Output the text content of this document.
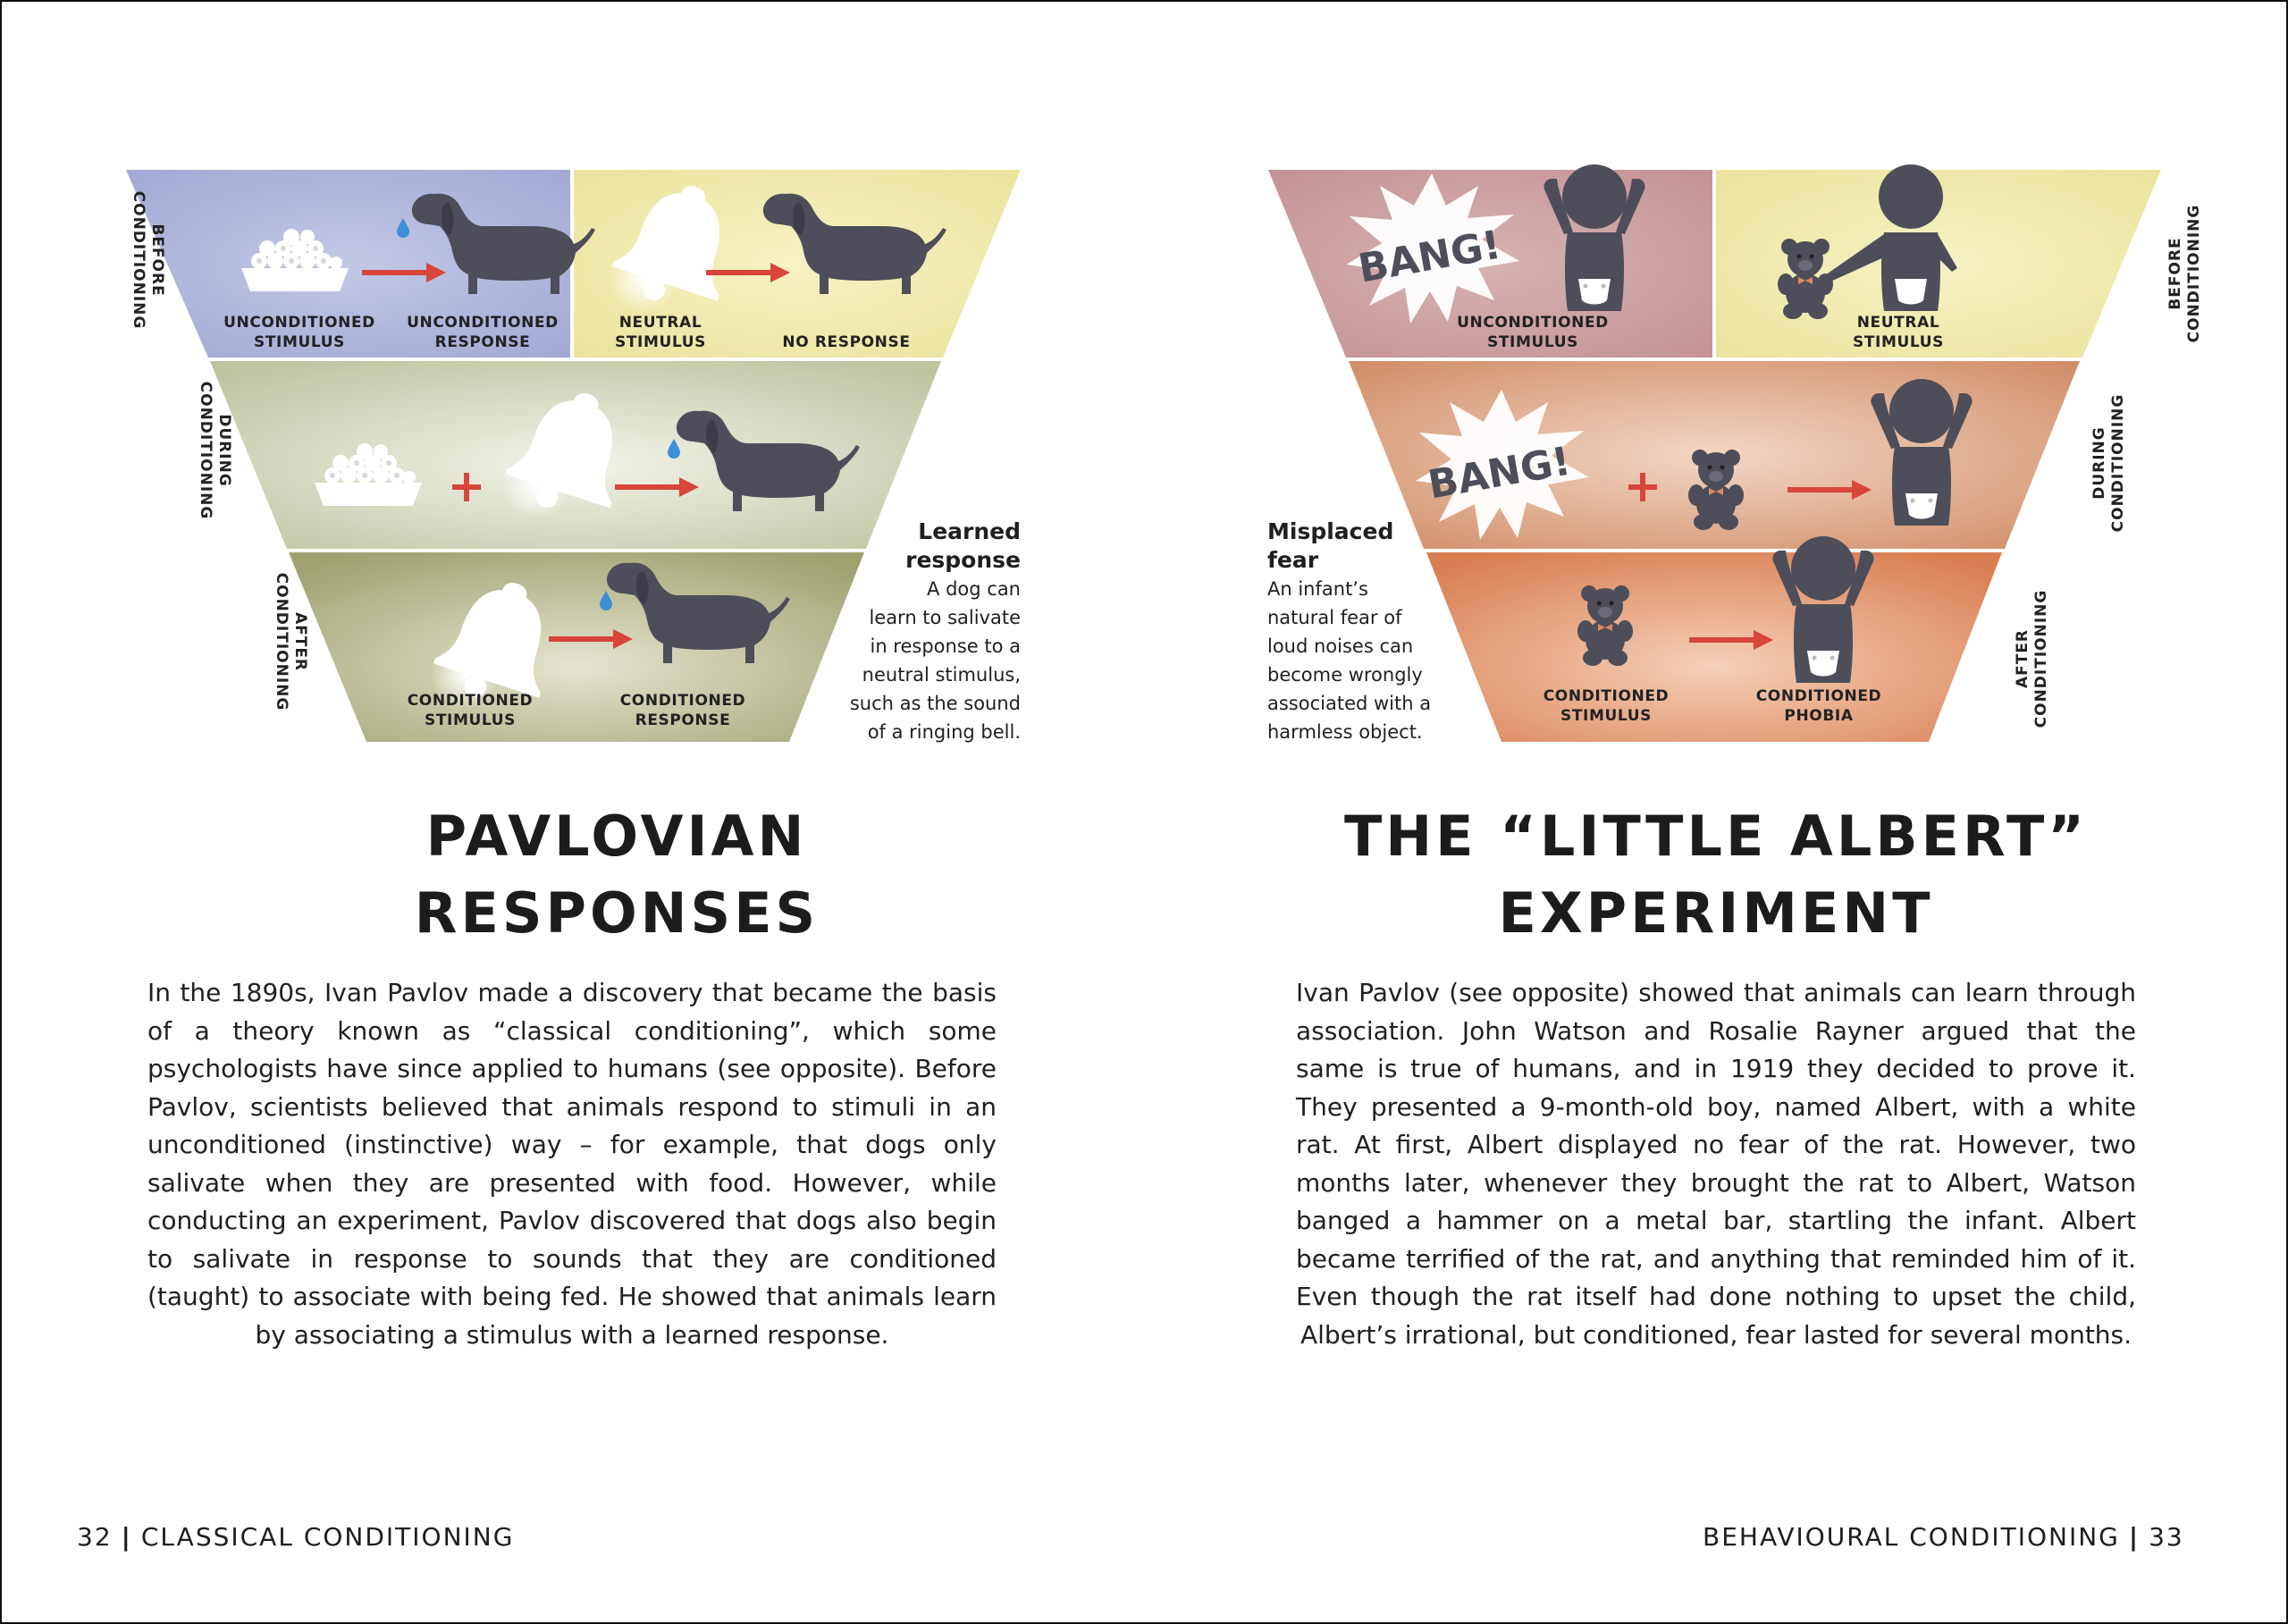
BANG!
BANG!
BEFORE
CONDITIONING
DURING
CONDITIONING
AFTER
CONDITIONING
UNCONDITIONED
STIMULUS
UNCONDITIONED
RESPONSE
NEUTRAL
STIMULUS	NO RESPONSE
CONDITIONED
STIMULUS
CONDITIONED
RESPONSE
Learned
response
A dog can
learn to salivate
in response to a
neutral stimulus,
such as the sound
of a ringing bell.
PAVLOVIAN
RESPONSES
In the 1890s, Ivan Pavlov made a discovery that became the basis of a theory known as “classical conditioning”, which some psychologists have since applied to humans (see opposite). Before Pavlov, scientists believed that animals respond to stimuli in an unconditioned (instinctive) way – for example, that dogs only salivate when they are presented with food. However, while conducting an experiment, Pavlov discovered that dogs also begin to salivate in response to sounds that they are conditioned (taught) to associate with being fed. He showed that animals learn by associating a stimulus with a learned response.
32 | CLASSICAL CONDITIONING
BEFORE
CONDITIONING
DURING
CONDITIONING
AFTER
CONDITIONING
UNCONDITIONED
STIMULUS
NEUTRAL
STIMULUS
CONDITIONED
STIMULUS
CONDITIONED
PHOBIA
Misplaced
fear
An infant’s
natural fear of
loud noises can
become wrongly
associated with a
harmless object.
THE “LITTLE ALBERT”
EXPERIMENT
Ivan Pavlov (see opposite) showed that animals can learn through association. John Watson and Rosalie Rayner argued that the same is true of humans, and in 1919 they decided to prove it. They presented a 9-month-old boy, named Albert, with a white rat. At first, Albert displayed no fear of the rat. However, two months later, whenever they brought the rat to Albert, Watson banged a hammer on a metal bar, startling the infant. Albert became terrified of the rat, and anything that reminded him of it. Even though the rat itself had done nothing to upset the child, Albert’s irrational, but conditioned, fear lasted for several months.
BEHAVIOURAL CONDITIONING | 33
